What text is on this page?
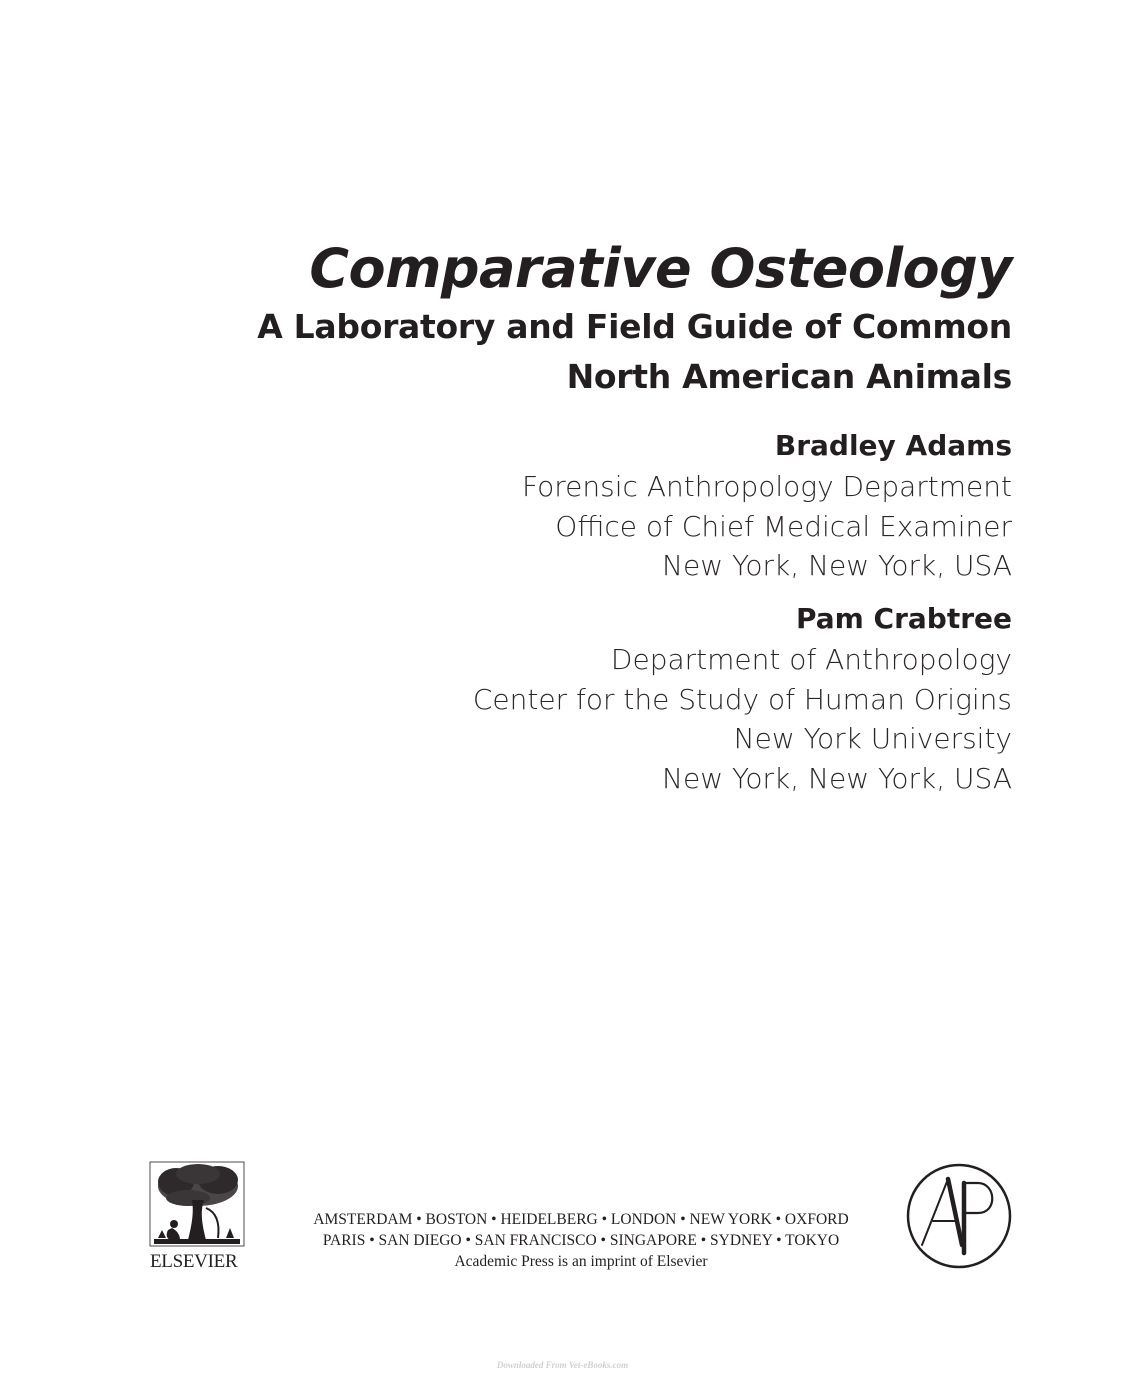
Comparative Osteology

A Laboratory and Field Guide of Common

North American Animals

Bradley Adams

Forensic Anthropology Department

Office of Chief Medical Examiner

New York, New York, USA

Pam Crabtree

Department of Anthropology

Center for the Study of Human Origins

New York University

New York, New York, USA

ELSEVIER
AMSTERDAM • BOSTON • HEIDELBERG • LONDON • NEW YORK • OXFORD
PARIS • SAN DIEGO • SAN FRANCISCO • SINGAPORE • SYDNEY • TOKYO
Academic Press is an imprint of Elsevier
Downloaded From Vet-eBooks.com
